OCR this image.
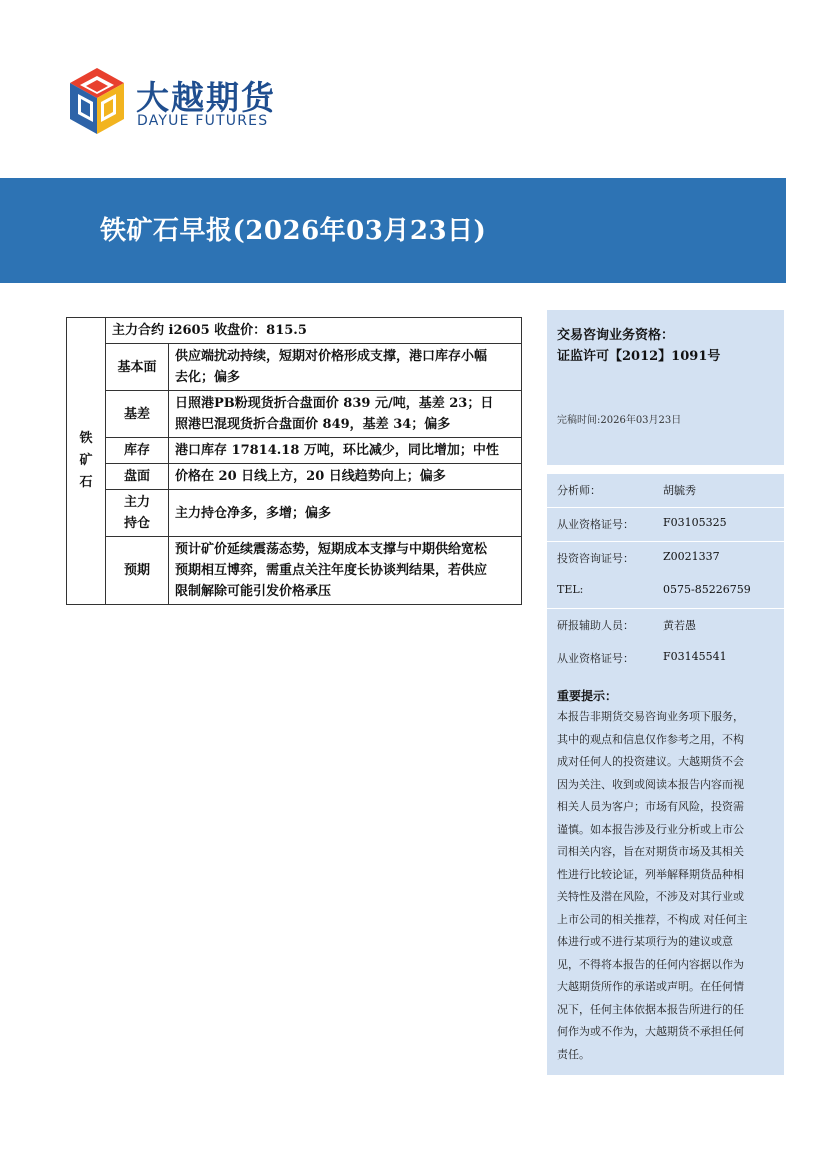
大越期货
DAYUE FUTURES
铁矿石早报(2026年03月23日)
铁
矿
石	主力合约 i2605 收盘价：815.5	
	基本面	供应端扰动持续，短期对价格形成支撑，港口库存小幅
去化；偏多

	基差	日照港PB粉现货折合盘面价 839 元/吨，基差 23；日
照港巴混现货折合盘面价 849，基差 34；偏多

	库存	港口库存 17814.18 万吨，环比减少，同比增加；中性

	盘面	价格在 20 日线上方，20 日线趋势向上；偏多

	主力
持仓	主力持仓净多，多增；偏多

	预期	预计矿价延续震荡态势，短期成本支撑与中期供给宽松
预期相互博弈，需重点关注年度长协谈判结果，若供应
限制解除可能引发价格承压
交易咨询业务资格：
证监许可【2012】1091号
完稿时间:2026年03月23日
分析师：	胡毓秀
从业资格证号：	F03105325
投资咨询证号：	Z0021337
TEL:	0575-85226759
研报辅助人员：	黄若愚
从业资格证号：	F03145541
重要提示：
本报告非期货交易咨询业务项下服务，
其中的观点和信息仅作参考之用，不构
成对任何人的投资建议。大越期货不会
因为关注、收到或阅读本报告内容而视
相关人员为客户；市场有风险，投资需
谨慎。如本报告涉及行业分析或上市公
司相关内容，旨在对期货市场及其相关
性进行比较论证，列举解释期货品种相
关特性及潜在风险，不涉及对其行业或
上市公司的相关推荐，不构成 对任何主
体进行或不进行某项行为的建议或意
见，不得将本报告的任何内容据以作为
大越期货所作的承诺或声明。在任何情
况下，任何主体依据本报告所进行的任
何作为或不作为，大越期货不承担任何
责任。
